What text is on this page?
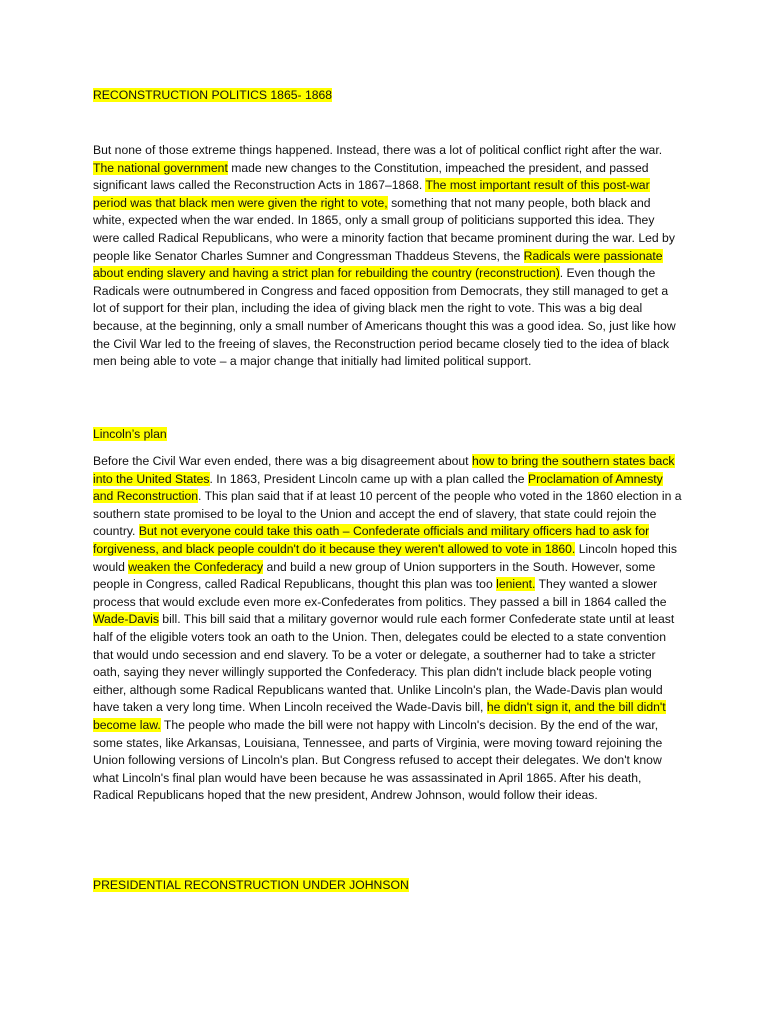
RECONSTRUCTION POLITICS 1865- 1868

But none of those extreme things happened. Instead, there was a lot of political conflict right after the war. The national government made new changes to the Constitution, impeached the president, and passed significant laws called the Reconstruction Acts in 1867–1868. The most important result of this post-war period was that black men were given the right to vote, something that not many people, both black and white, expected when the war ended. In 1865, only a small group of politicians supported this idea. They were called Radical Republicans, who were a minority faction that became prominent during the war. Led by people like Senator Charles Sumner and Congressman Thaddeus Stevens, the Radicals were passionate about ending slavery and having a strict plan for rebuilding the country (reconstruction). Even though the Radicals were outnumbered in Congress and faced opposition from Democrats, they still managed to get a lot of support for their plan, including the idea of giving black men the right to vote. This was a big deal because, at the beginning, only a small number of Americans thought this was a good idea. So, just like how the Civil War led to the freeing of slaves, the Reconstruction period became closely tied to the idea of black men being able to vote – a major change that initially had limited political support.

Lincoln’s plan

Before the Civil War even ended, there was a big disagreement about how to bring the southern states back into the United States. In 1863, President Lincoln came up with a plan called the Proclamation of Amnesty and Reconstruction. This plan said that if at least 10 percent of the people who voted in the 1860 election in a southern state promised to be loyal to the Union and accept the end of slavery, that state could rejoin the country. But not everyone could take this oath – Confederate officials and military officers had to ask for forgiveness, and black people couldn't do it because they weren't allowed to vote in 1860. Lincoln hoped this would weaken the Confederacy and build a new group of Union supporters in the South. However, some people in Congress, called Radical Republicans, thought this plan was too lenient. They wanted a slower process that would exclude even more ex-Confederates from politics. They passed a bill in 1864 called the Wade-Davis bill. This bill said that a military governor would rule each former Confederate state until at least half of the eligible voters took an oath to the Union. Then, delegates could be elected to a state convention that would undo secession and end slavery. To be a voter or delegate, a southerner had to take a stricter oath, saying they never willingly supported the Confederacy. This plan didn't include black people voting either, although some Radical Republicans wanted that. Unlike Lincoln's plan, the Wade-Davis plan would have taken a very long time. When Lincoln received the Wade-Davis bill, he didn't sign it, and the bill didn't become law. The people who made the bill were not happy with Lincoln's decision. By the end of the war, some states, like Arkansas, Louisiana, Tennessee, and parts of Virginia, were moving toward rejoining the Union following versions of Lincoln's plan. But Congress refused to accept their delegates. We don't know what Lincoln's final plan would have been because he was assassinated in April 1865. After his death, Radical Republicans hoped that the new president, Andrew Johnson, would follow their ideas.

PRESIDENTIAL RECONSTRUCTION UNDER JOHNSON
